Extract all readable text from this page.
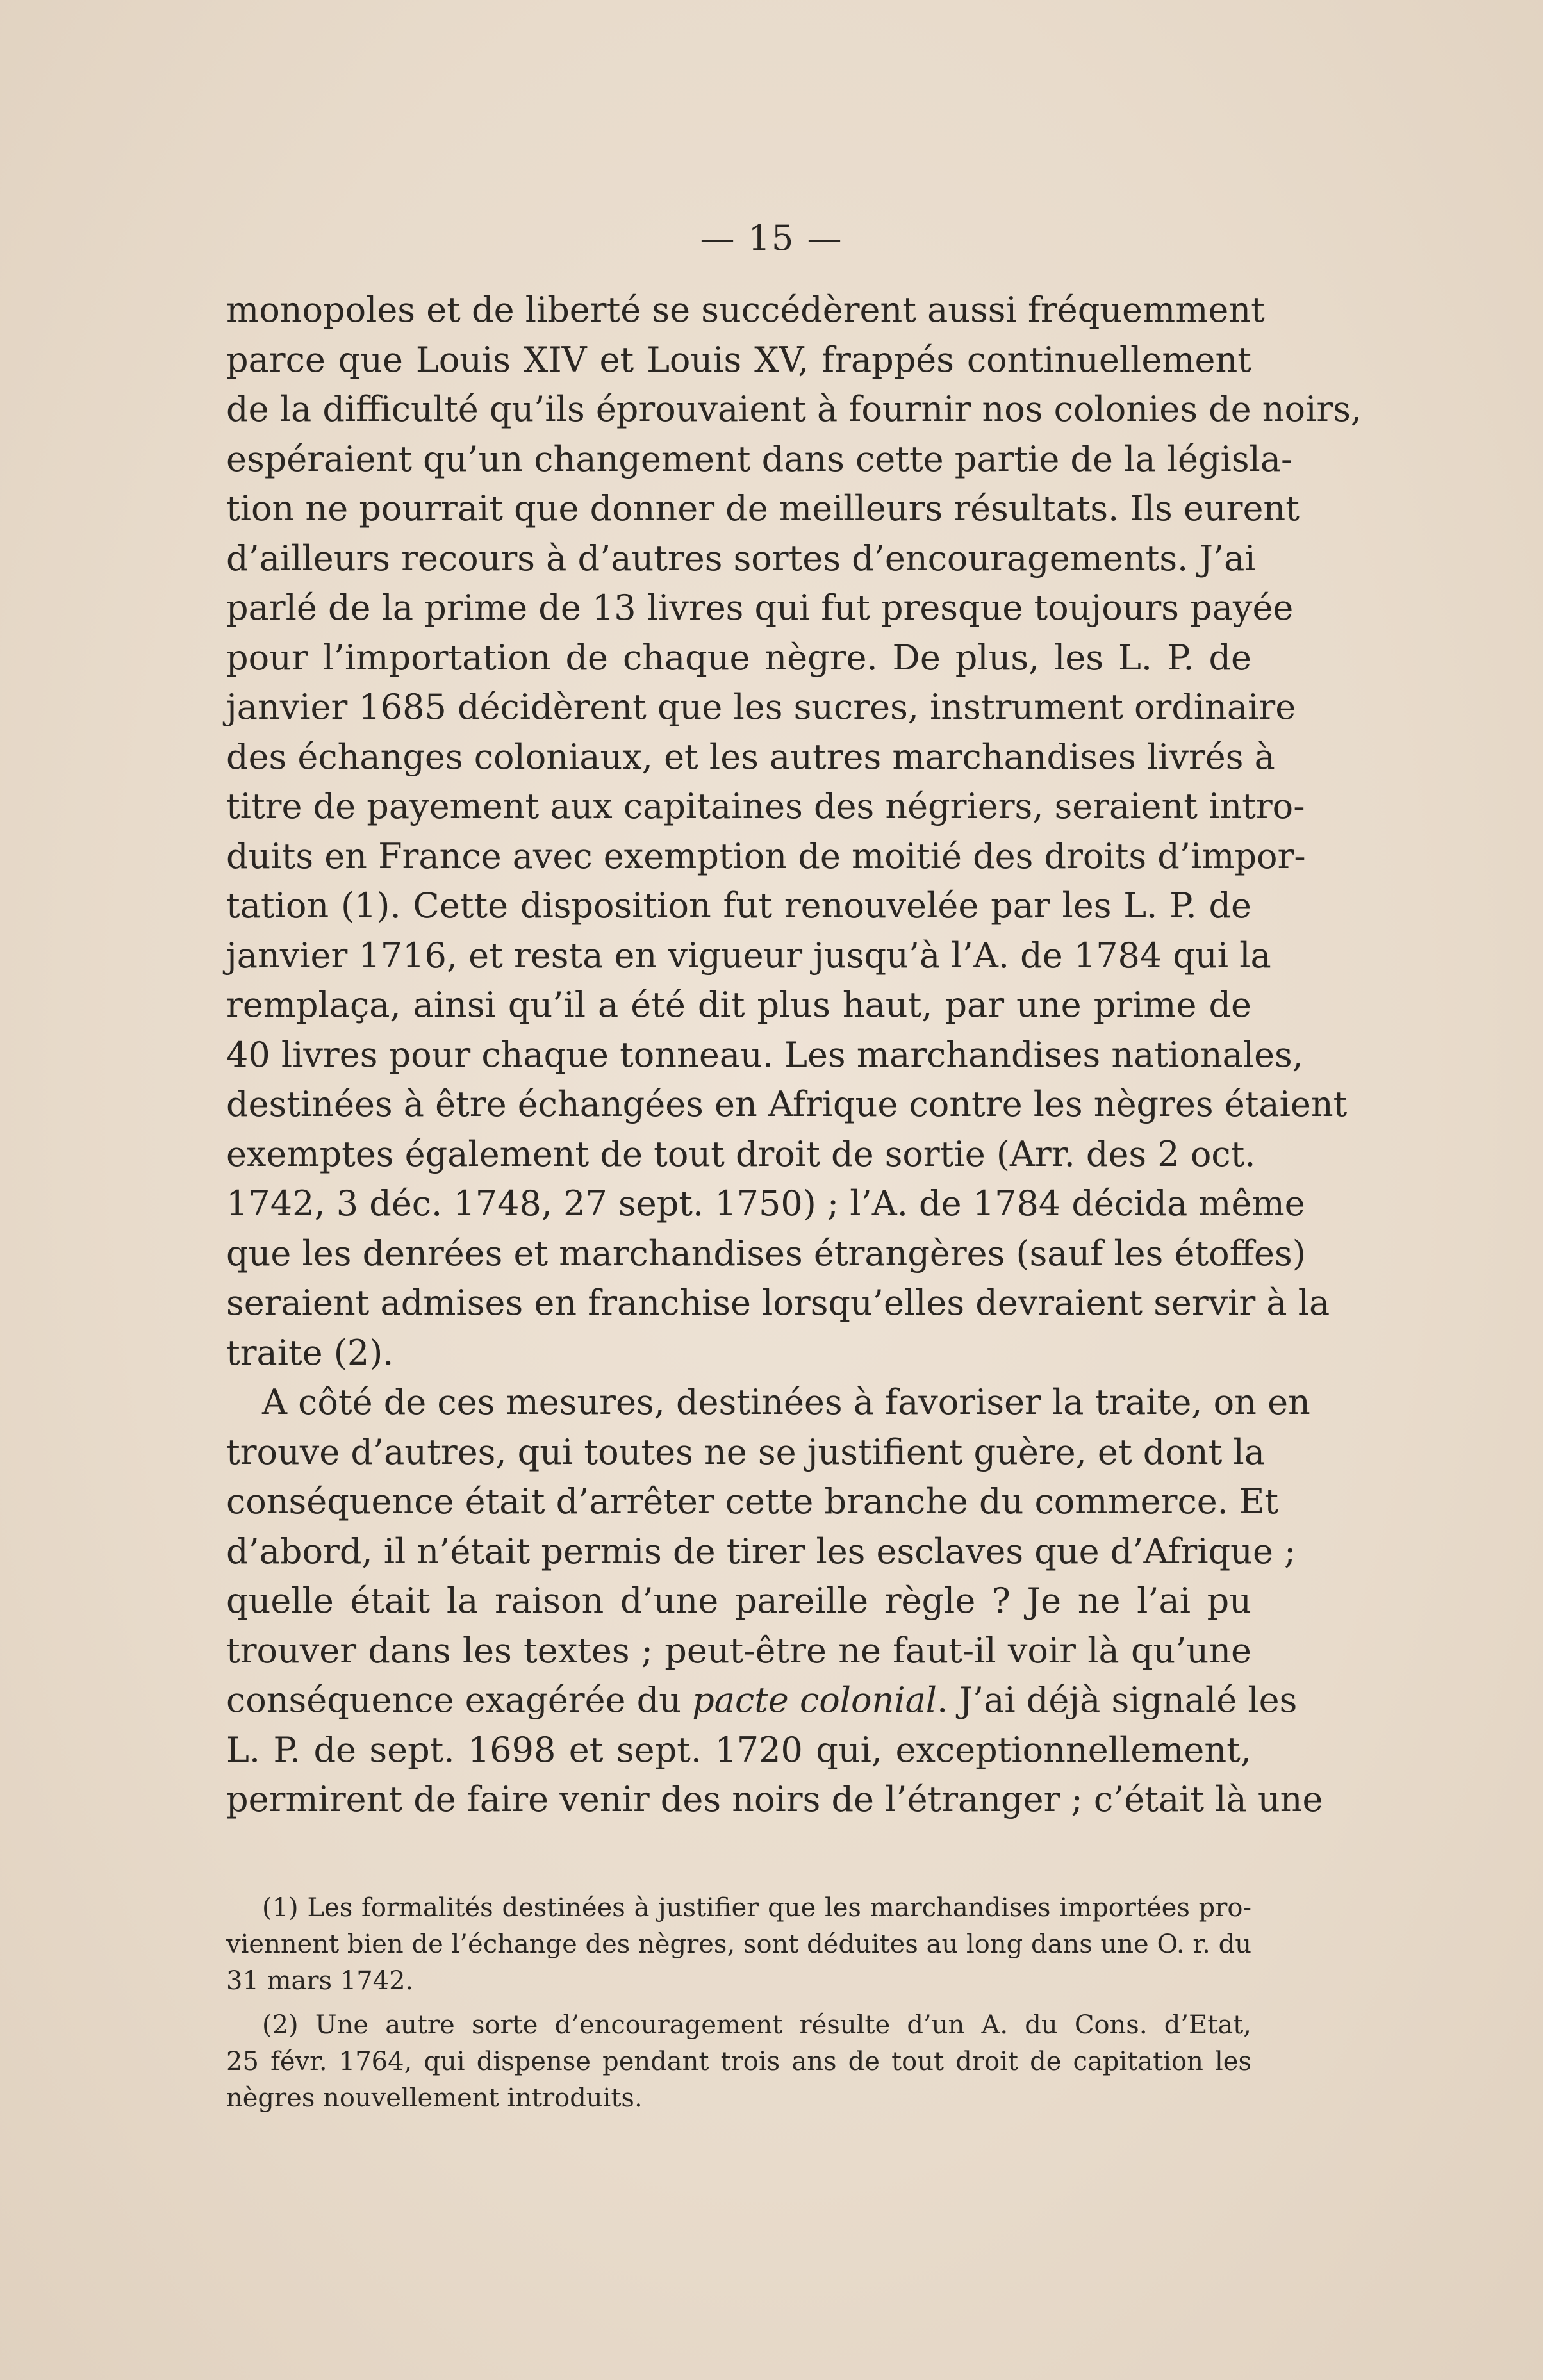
— 15 —
monopoles et de liberté se succédèrent aussi fréquemment
parce que Louis XIV et Louis XV, frappés continuellement
de la difficulté qu’ils éprouvaient à fournir nos colonies de noirs,
espéraient qu’un changement dans cette partie de la législa-
tion ne pourrait que donner de meilleurs résultats. Ils eurent
d’ailleurs recours à d’autres sortes d’encouragements. J’ai
parlé de la prime de 13 livres qui fut presque toujours payée
pour l’importation de chaque nègre. De plus, les L. P. de
janvier 1685 décidèrent que les sucres, instrument ordinaire
des échanges coloniaux, et les autres marchandises livrés à
titre de payement aux capitaines des négriers, seraient intro-
duits en France avec exemption de moitié des droits d’impor-
tation (1). Cette disposition fut renouvelée par les L. P. de
janvier 1716, et resta en vigueur jusqu’à l’A. de 1784 qui la
remplaça, ainsi qu’il a été dit plus haut, par une prime de
40 livres pour chaque tonneau. Les marchandises nationales,
destinées à être échangées en Afrique contre les nègres étaient
exemptes également de tout droit de sortie (Arr. des 2 oct.
1742, 3 déc. 1748, 27 sept. 1750) ; l’A. de 1784 décida même
que les denrées et marchandises étrangères (sauf les étoffes)
seraient admises en franchise lorsqu’elles devraient servir à la
traite (2).
A côté de ces mesures, destinées à favoriser la traite, on en
trouve d’autres, qui toutes ne se justifient guère, et dont la
conséquence était d’arrêter cette branche du commerce. Et
d’abord, il n’était permis de tirer les esclaves que d’Afrique ;
quelle était la raison d’une pareille règle ? Je ne l’ai pu
trouver dans les textes ; peut-être ne faut-il voir là qu’une
conséquence exagérée du pacte colonial. J’ai déjà signalé les
L. P. de sept. 1698 et sept. 1720 qui, exceptionnellement,
permirent de faire venir des noirs de l’étranger ; c’était là une
(1) Les formalités destinées à justifier que les marchandises importées pro-
viennent bien de l’échange des nègres, sont déduites au long dans une O. r. du
31 mars 1742.
(2) Une autre sorte d’encouragement résulte d’un A. du Cons. d’Etat,
25 févr. 1764, qui dispense pendant trois ans de tout droit de capitation les
nègres nouvellement introduits.
